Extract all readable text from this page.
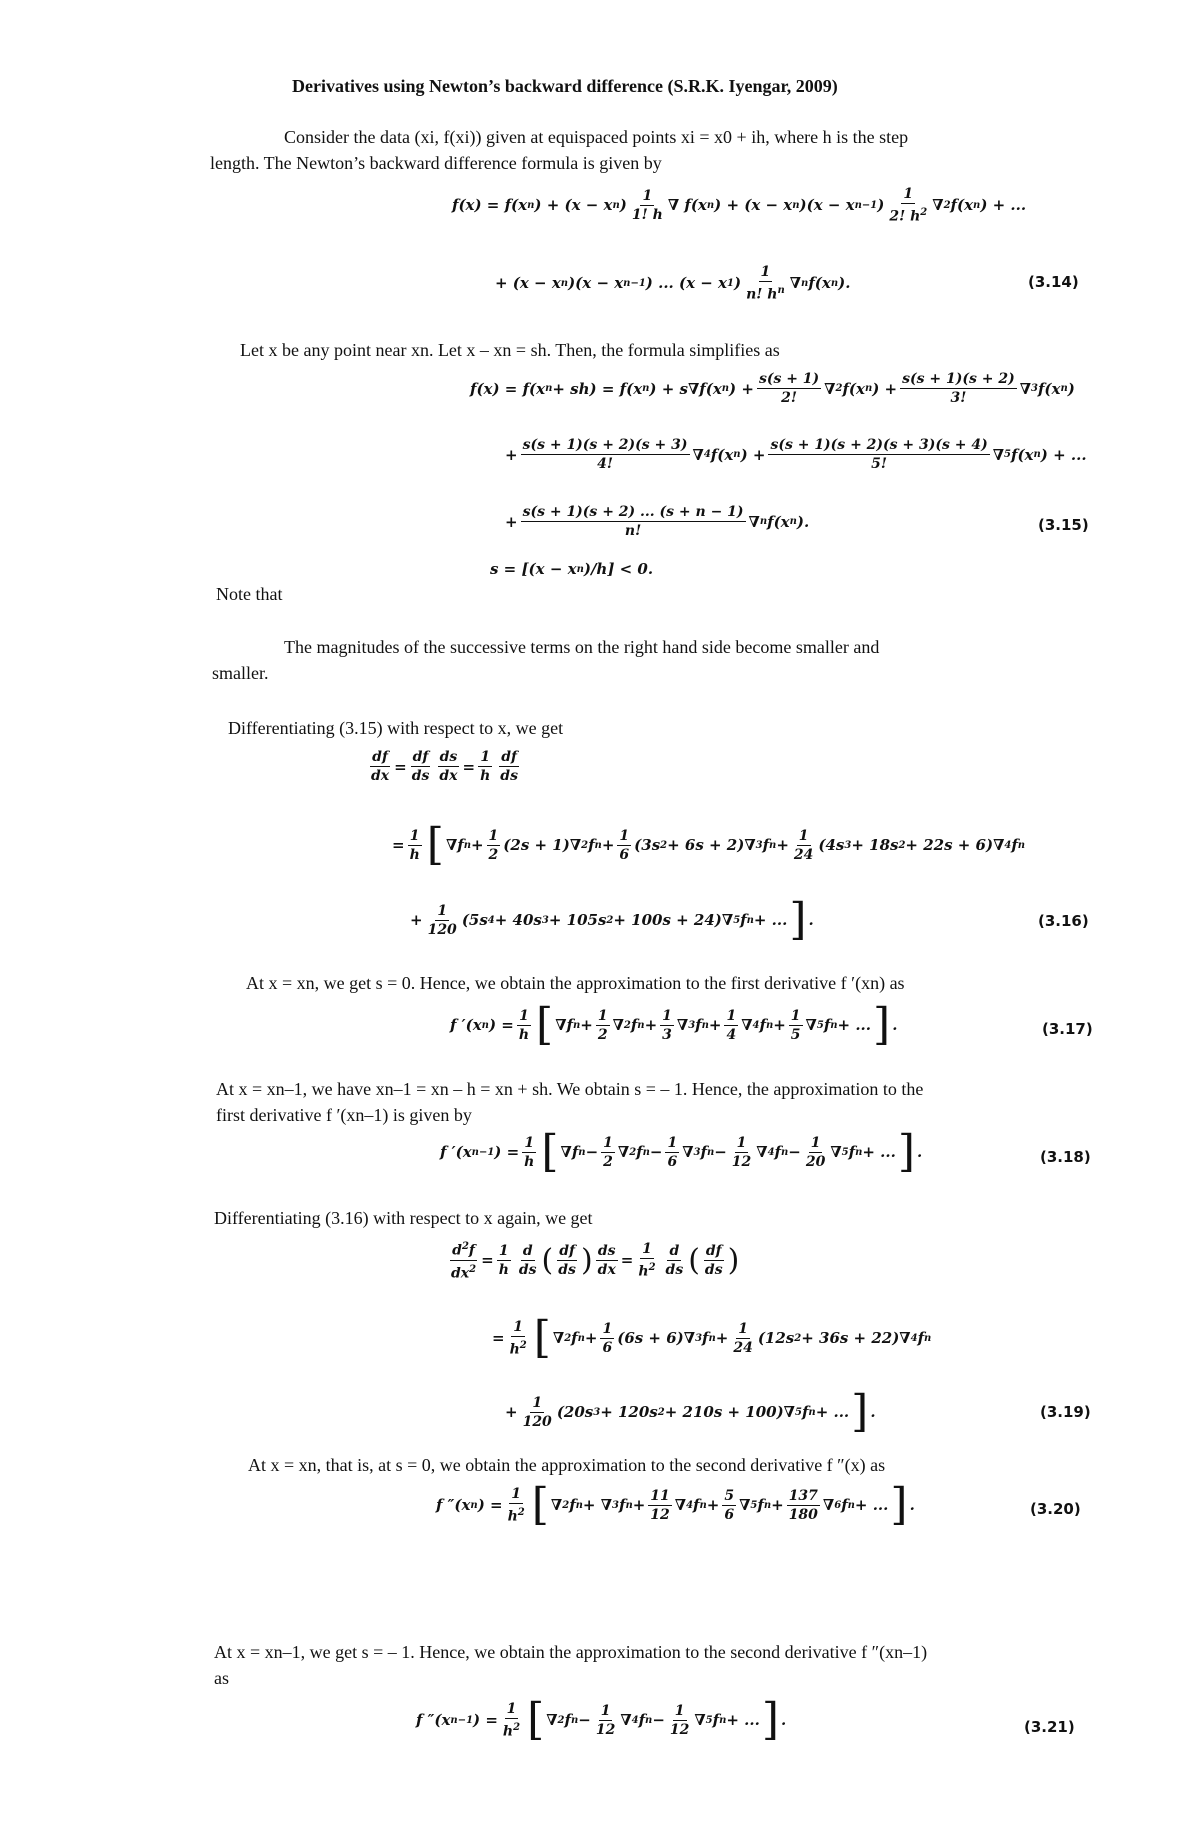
Derivatives using Newton’s backward difference (S.R.K. Iyengar, 2009)
Consider the data (xi, f(xi)) given at equispaced points xi = x0 + ih, where h is the step
length. The Newton’s backward difference formula is given by
f(x) = f(x n ) + (x − x n ) $\frac{1}{1! h}$ ∇ f(x n ) + (x − x n )(x − x n−1 ) $\frac{1}{2! h^2}$ ∇ 2 f(x n ) + ...
+ (x − x n )(x − x n−1 ) ... (x − x 1 ) $\frac{1}{n! h^n}$ ∇ n f(x n ).	(3.14)
Let x be any point near xn. Let x – xn = sh. Then, the formula simplifies as
f(x) = f(x n + sh) = f(x n ) + s∇f(x n ) + $\frac{s(s + 1)}{2!}$ ∇ 2 f(x n ) + $\frac{s(s + 1)(s + 2)}{3!}$ ∇ 3 f(x n )
+ $\frac{s(s + 1)(s + 2)(s + 3)}{4!}$ ∇ 4 f(x n ) + $\frac{s(s + 1)(s + 2)(s + 3)(s + 4)}{5!}$ ∇ 5 f(x n ) + ...
+ $\frac{s(s + 1)(s + 2) ... (s + n - 1)}{n!}$ ∇ n f(x n ).	(3.15)
s = [(x − x n )/h] < 0.
Note that
The magnitudes of the successive terms on the right hand side become smaller and
smaller.
Differentiating (3.15) with respect to x, we get
$\frac{df}{dx} = \frac{df}{ds} \frac{ds}{dx} = \frac{1}{h} \frac{df}{ds}$
= $\frac{1}{h}$ [ ∇f $n + \frac{1}{2} (2s + 1)\nabla$ 2 f $n + \frac{1}{6} (3s$ 2 + 6s + 2)∇ 3 f $n + \frac{1}{24} (4s$ 3 + 18s 2 + 22s + 6)∇ 4 f n
+ $\frac{1}{120} (5s$ 4 + 40s 3 + 105s 2 + 100s + 24)∇ 5 f n + ... ] .	(3.16)
At x = xn, we get s = 0. Hence, we obtain the approximation to the first derivative f ′(xn) as
f ′(x n ) = $\frac{1}{h}$ [ ∇f $n + \frac{1}{2}$ ∇ 2 f $n + \frac{1}{3}$ ∇ 3 f $n + \frac{1}{4}$ ∇ 4 f $n + \frac{1}{5}$ ∇ 5 f n + ... ] .	(3.17)
At x = xn–1, we have xn–1 = xn – h = xn + sh. We obtain s = – 1. Hence, the approximation to the
first derivative f ′(xn–1) is given by
f ′(x n−1 ) = $\frac{1}{h}$ [ ∇f $n - \frac{1}{2}$ ∇ 2 f $n - \frac{1}{6}$ ∇ 3 f $n - \frac{1}{12}$ ∇ 4 f $n - \frac{1}{20}$ ∇ 5 f n + ... ] .	(3.18)
Differentiating (3.16) with respect to x again, we get
$\frac{d^2f}{dx^2} = \frac{1}{h} \frac{d}{ds}$ ( $\frac{df}{ds}$ ) $\frac{ds}{dx} = \frac{1}{h^2} \frac{d}{ds}$ ( $\frac{df}{ds}$ )
= $\frac{1}{h^2}$ [ ∇ 2 f $n + \frac{1}{6} (6s + 6)\nabla$ 3 f $n + \frac{1}{24} (12s$ 2 + 36s + 22)∇ 4 f n
+ $\frac{1}{120} (20s$ 3 + 120s 2 + 210s + 100)∇ 5 f n + ... ] .	(3.19)
At x = xn, that is, at s = 0, we obtain the approximation to the second derivative f ″(x) as
f ″(x n ) = $\frac{1}{h^2}$ [ ∇ 2 f n + ∇ 3 f $n + \frac{11}{12}$ ∇ 4 f $n + \frac{5}{6}$ ∇ 5 f $n + \frac{137}{180}$ ∇ 6 f n + ... ] .	(3.20)
At x = xn–1, we get s = – 1. Hence, we obtain the approximation to the second derivative f ″(xn–1)
as
f ″(x n−1 ) = $\frac{1}{h^2}$ [ ∇ 2 f $n - \frac{1}{12}$ ∇ 4 f $n - \frac{1}{12}$ ∇ 5 f n + ... ] .	(3.21)
